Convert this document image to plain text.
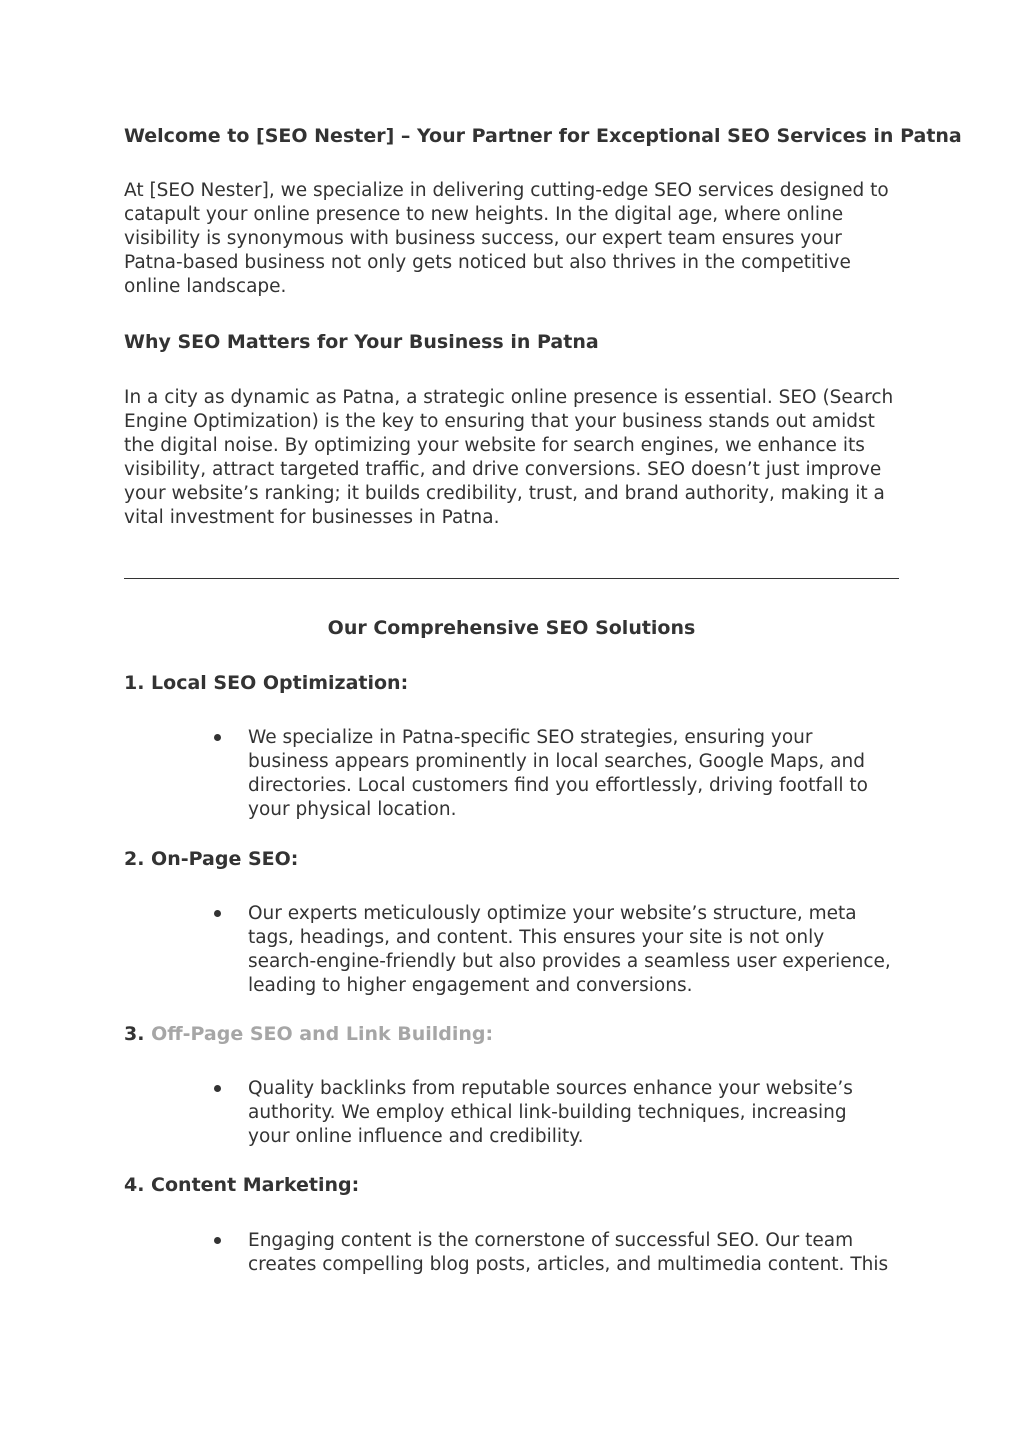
Welcome to [SEO Nester] – Your Partner for Exceptional SEO Services in Patna

At [SEO Nester], we specialize in delivering cutting-edge SEO services designed to
catapult your online presence to new heights. In the digital age, where online
visibility is synonymous with business success, our expert team ensures your
Patna-based business not only gets noticed but also thrives in the competitive
online landscape.

Why SEO Matters for Your Business in Patna

In a city as dynamic as Patna, a strategic online presence is essential. SEO (Search
Engine Optimization) is the key to ensuring that your business stands out amidst
the digital noise. By optimizing your website for search engines, we enhance its
visibility, attract targeted traffic, and drive conversions. SEO doesn’t just improve
your website’s ranking; it builds credibility, trust, and brand authority, making it a
vital investment for businesses in Patna.

Our Comprehensive SEO Solutions
1. Local SEO Optimization:

We specialize in Patna-specific SEO strategies, ensuring your
business appears prominently in local searches, Google Maps, and
directories. Local customers find you effortlessly, driving footfall to
your physical location.

2. On-Page SEO:

Our experts meticulously optimize your website’s structure, meta
tags, headings, and content. This ensures your site is not only
search-engine-friendly but also provides a seamless user experience,
leading to higher engagement and conversions.

3. Off-Page SEO and Link Building:

Quality backlinks from reputable sources enhance your website’s
authority. We employ ethical link-building techniques, increasing
your online influence and credibility.

4. Content Marketing:

Engaging content is the cornerstone of successful SEO. Our team
creates compelling blog posts, articles, and multimedia content. This
